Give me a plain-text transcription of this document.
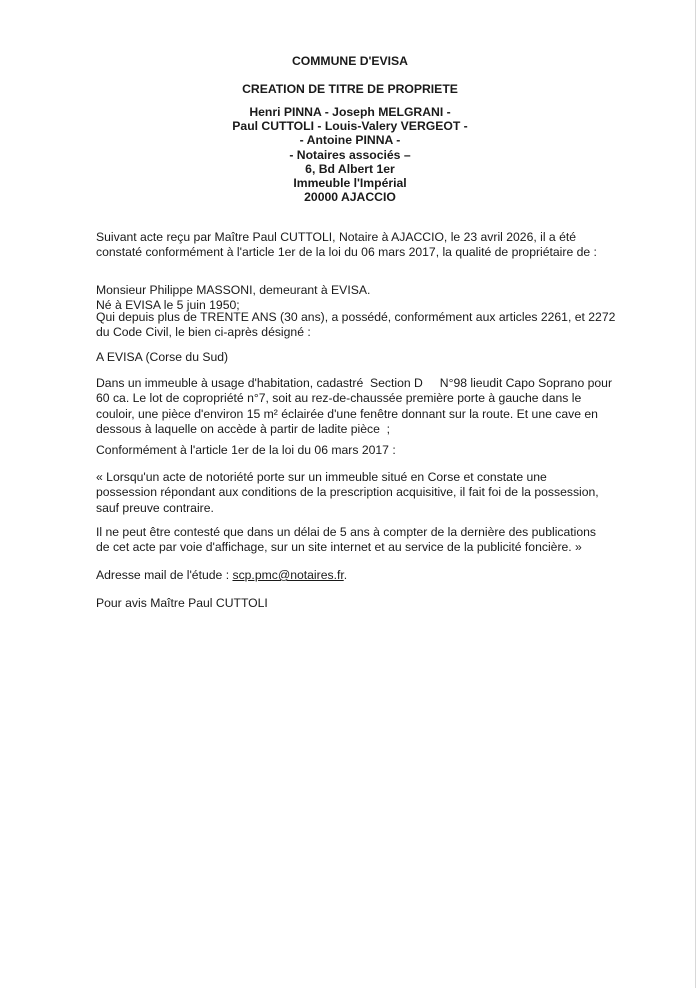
COMMUNE D'EVISA
CREATION DE TITRE DE PROPRIETE
Henri PINNA - Joseph MELGRANI -
Paul CUTTOLI - Louis-Valery VERGEOT -
- Antoine PINNA -
- Notaires associés –
6, Bd Albert 1er
Immeuble l'Impérial
20000 AJACCIO
Suivant acte reçu par Maître Paul CUTTOLI, Notaire à AJACCIO, le 23 avril 2026, il a été
constaté conformément à l'article 1er de la loi du 06 mars 2017, la qualité de propriétaire de :
Monsieur Philippe MASSONI, demeurant à EVISA.
Né à EVISA le 5 juin 1950;
Qui depuis plus de TRENTE ANS (30 ans), a possédé, conformément aux articles 2261, et 2272
du Code Civil, le bien ci-après désigné :
A EVISA (Corse du Sud)
Dans un immeuble à usage d'habitation, cadastré  Section D     N°98 lieudit Capo Soprano pour
60 ca. Le lot de copropriété n°7, soit au rez-de-chaussée première porte à gauche dans le
couloir, une pièce d'environ 15 m² éclairée d'une fenêtre donnant sur la route. Et une cave en
dessous à laquelle on accède à partir de ladite pièce  ;
Conformément à l'article 1er de la loi du 06 mars 2017 :
« Lorsqu'un acte de notoriété porte sur un immeuble situé en Corse et constate une
possession répondant aux conditions de la prescription acquisitive, il fait foi de la possession,
sauf preuve contraire.
Il ne peut être contesté que dans un délai de 5 ans à compter de la dernière des publications
de cet acte par voie d'affichage, sur un site internet et au service de la publicité foncière. »
Adresse mail de l'étude : scp.pmc@notaires.fr.
Pour avis Maître Paul CUTTOLI
